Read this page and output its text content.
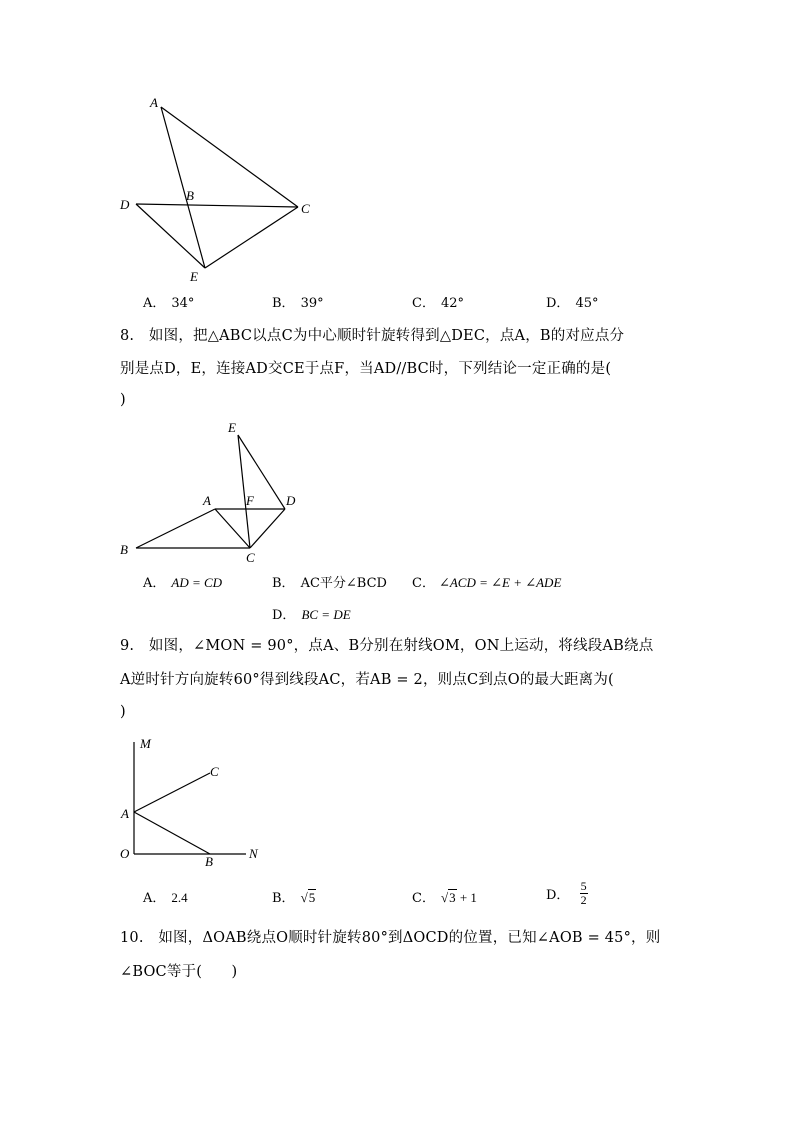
A
B
C
D
E
A． 34°	B． 39°	C． 42°	D． 45°
8.　如图，把△ABC以点C为中心顺时针旋转得到△DEC，点A，B的对应点分
别是点D，E，连接AD交CE于点F，当AD//BC时，下列结论一定正确的是(
)
E
A	F D
B
C
A． AD = CD	B． AC平分∠BCD C． ∠ACD = ∠E + ∠ADE
D． BC = DE
9.　如图，∠MON = 90°，点A、B分别在射线OM，ON上运动，将线段AB绕点
A逆时针方向旋转60°得到线段AC，若AB = 2，则点C到点O的最大距离为(
)
M
C
A
O
B
N
A． 2.4	B． √5	C． √3 + 1	D． $\frac{5}{2}$
10.　如图，ΔOAB绕点O顺时针旋转80°到ΔOCD的位置，已知∠AOB = 45°，则
∠BOC等于(　　)
